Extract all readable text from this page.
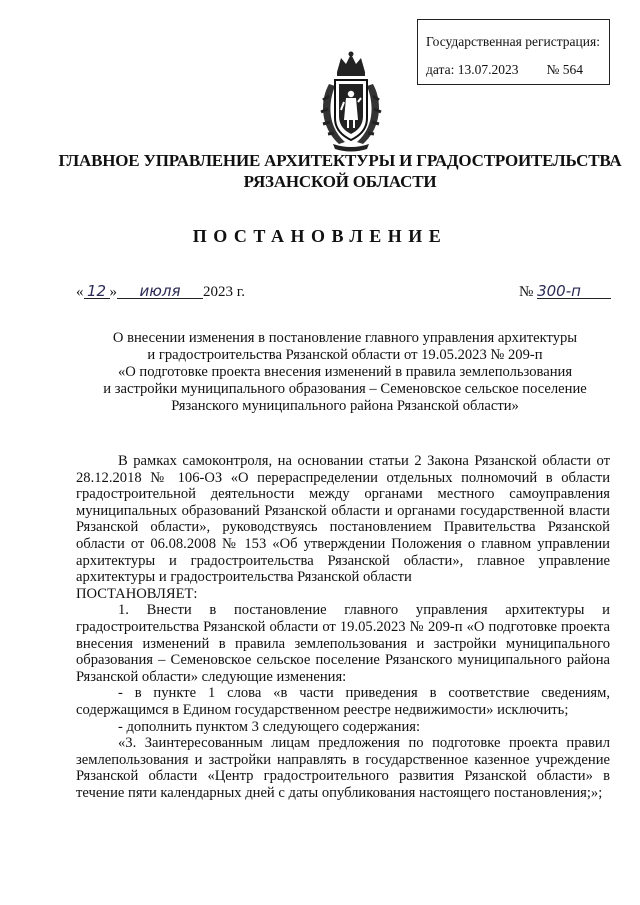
Государственная регистрация:
дата: 13.07.2023 № 564
ГЛАВНОЕ УПРАВЛЕНИЕ АРХИТЕКТУРЫ И ГРАДОСТРОИТЕЛЬСТВА
РЯЗАНСКОЙ ОБЛАСТИ
ПОСТАНОВЛЕНИЕ
« 12 » июля 2023 г.	№ 300-п
О внесении изменения в постановление главного управления архитектуры
и градостроительства Рязанской области от 19.05.2023 № 209-п
«О подготовке проекта внесения изменений в правила землепользования
и застройки муниципального образования – Семеновское сельское поселение
Рязанского муниципального района Рязанской области»

В рамках самоконтроля, на основании статьи 2 Закона Рязанской области от 28.12.2018 № 106-ОЗ «О перераспределении отдельных полномочий в области градостроительной деятельности между органами местного самоуправления муниципальных образований Рязанской области и органами государственной власти Рязанской области», руководствуясь постановлением Правительства Рязанской области от 06.08.2008 № 153 «Об утверждении Положения о главном управлении архитектуры и градостроительства Рязанской области», главное управление архитектуры и градостроительства Рязанской области

ПОСТАНОВЛЯЕТ:

1. Внести в постановление главного управления архитектуры и градостроительства Рязанской области от 19.05.2023 № 209-п «О подготовке проекта внесения изменений в правила землепользования и застройки муниципального образования – Семеновское сельское поселение Рязанского муниципального района Рязанской области» следующие изменения:

- в пункте 1 слова «в части приведения в соответствие сведениям, содержащимся в Едином государственном реестре недвижимости» исключить;

- дополнить пунктом 3 следующего содержания:

«3. Заинтересованным лицам предложения по подготовке проекта правил землепользования и застройки направлять в государственное казенное учреждение Рязанской области «Центр градостроительного развития Рязанской области» в течение пяти календарных дней с даты опубликования настоящего постановления;»;
